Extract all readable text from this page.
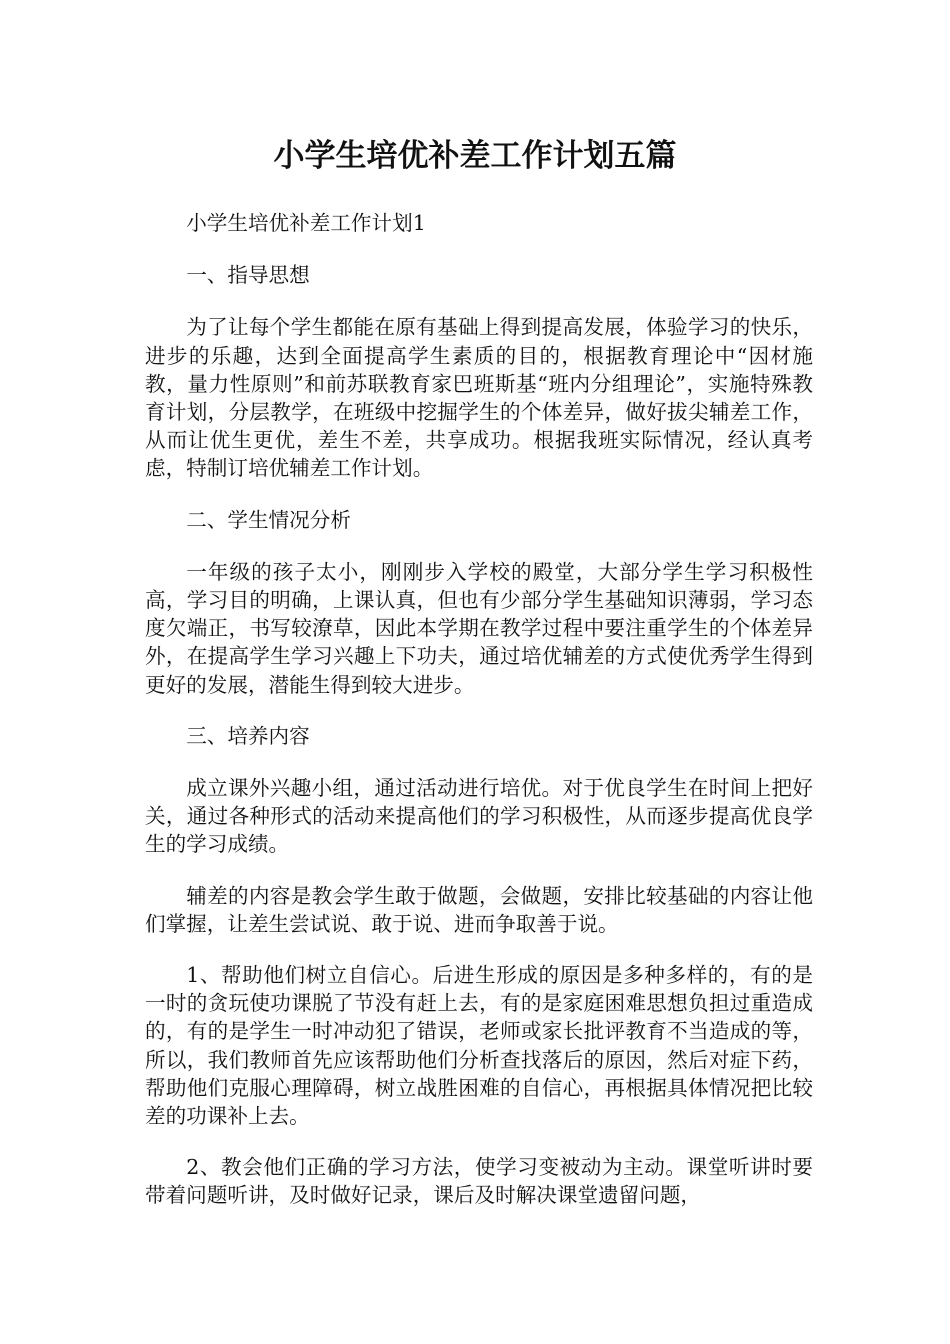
小学生培优补差工作计划五篇

小学生培优补差工作计划1

一、指导思想

为了让每个学生都能在原有基础上得到提高发展，体验学习的快乐，进步的乐趣，达到全面提高学生素质的目的，根据教育理论中“因材施教，量力性原则”和前苏联教育家巴班斯基“班内分组理论”，实施特殊教育计划，分层教学，在班级中挖掘学生的个体差异，做好拔尖辅差工作，从而让优生更优，差生不差，共享成功。根据我班实际情况，经认真考虑，特制订培优辅差工作计划。

二、学生情况分析

一年级的孩子太小，刚刚步入学校的殿堂，大部分学生学习积极性高，学习目的明确，上课认真，但也有少部分学生基础知识薄弱，学习态度欠端正，书写较潦草，因此本学期在教学过程中要注重学生的个体差异外，在提高学生学习兴趣上下功夫，通过培优辅差的方式使优秀学生得到更好的发展，潜能生得到较大进步。

三、培养内容

成立课外兴趣小组，通过活动进行培优。对于优良学生在时间上把好关，通过各种形式的活动来提高他们的学习积极性，从而逐步提高优良学生的学习成绩。

辅差的内容是教会学生敢于做题，会做题，安排比较基础的内容让他们掌握，让差生尝试说、敢于说、进而争取善于说。

1、帮助他们树立自信心。后进生形成的原因是多种多样的，有的是一时的贪玩使功课脱了节没有赶上去，有的是家庭困难思想负担过重造成的，有的是学生一时冲动犯了错误，老师或家长批评教育不当造成的等，所以，我们教师首先应该帮助他们分析查找落后的原因，然后对症下药，帮助他们克服心理障碍，树立战胜困难的自信心，再根据具体情况把比较差的功课补上去。

2、教会他们正确的学习方法，使学习变被动为主动。课堂听讲时要带着问题听讲，及时做好记录，课后及时解决课堂遗留问题，
